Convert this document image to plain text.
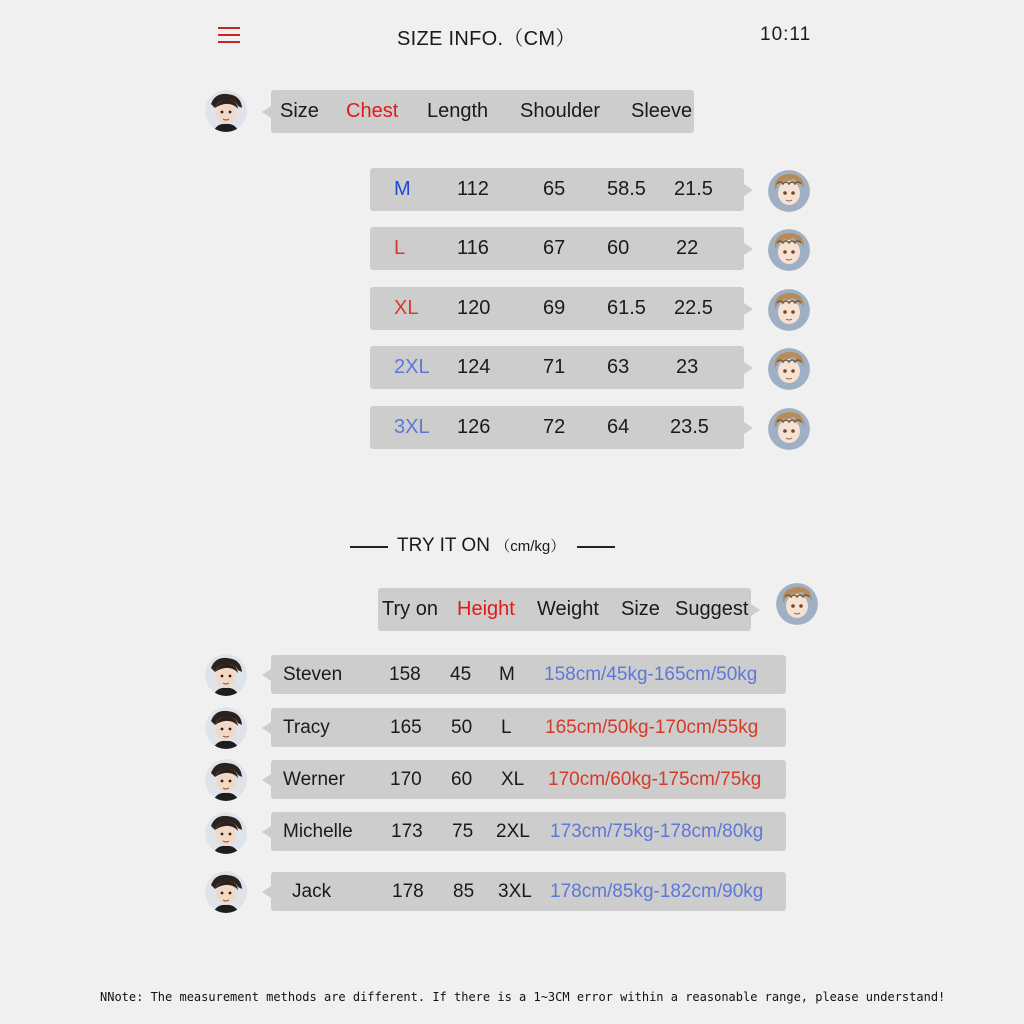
SIZE INFO.（CM）	10:11
Size Chest Length Shoulder Sleeve
M 112	65 58.5 21.5
L	116	67 60 22
XL 120	69 61.5 22.5
2XL 124	71 63 23
3XL 126	72 64 23.5
TRY IT ON （cm/kg）
Try on Height Weight Size Suggest
Steven 158 45 M 158cm/45kg-165cm/50kg
Tracy	165 50 L 165cm/50kg-170cm/55kg
Werner 170 60 XL 170cm/60kg-175cm/75kg
Michelle 173 75 2XL 173cm/75kg-178cm/80kg
Jack	178 85 3XL 178cm/85kg-182cm/90kg
NNote: The measurement methods are different. If there is a 1~3CM error within a reasonable range, please understand!
